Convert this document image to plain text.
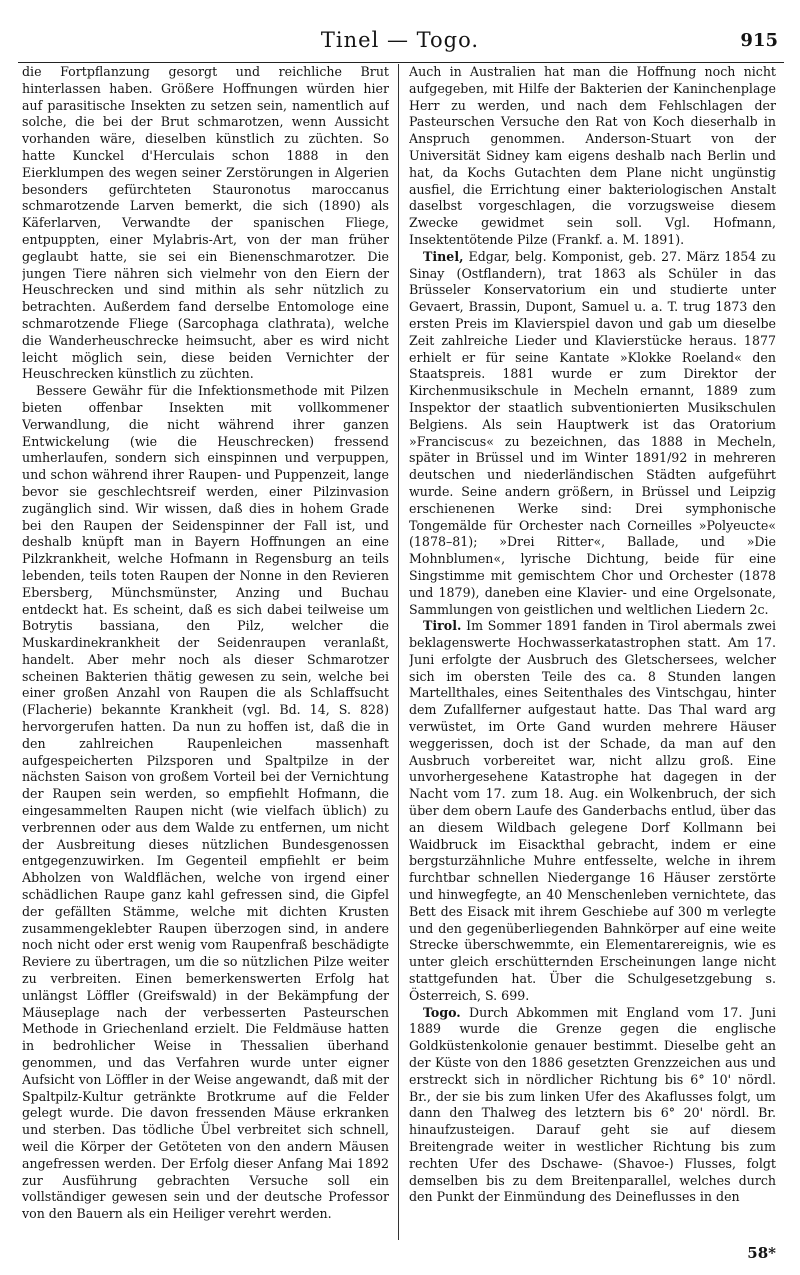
Tinel — Togo.	915

die Fortpflanzung gesorgt und reichliche Brut hinterlassen haben. Größere Hoffnungen würden hier auf parasitische Insekten zu setzen sein, namentlich auf solche, die bei der Brut schmarotzen, wenn Aussicht vorhanden wäre, dieselben künstlich zu züchten. So hatte Kunckel d'Herculais schon 1888 in den Eierklumpen des wegen seiner Zerstörungen in Algerien besonders gefürchteten Stauronotus maroccanus schmarotzende Larven bemerkt, die sich (1890) als Käferlarven, Verwandte der spanischen Fliege, entpuppten, einer Mylabris-Art, von der man früher geglaubt hatte, sie sei ein Bienenschmarotzer. Die jungen Tiere nähren sich vielmehr von den Eiern der Heuschrecken und sind mithin als sehr nützlich zu betrachten. Außerdem fand derselbe Entomologe eine schmarotzende Fliege (Sarcophaga clathrata), welche die Wanderheuschrecke heimsucht, aber es wird nicht leicht möglich sein, diese beiden Vernichter der Heuschrecken künstlich zu züchten.

Bessere Gewähr für die Infektionsmethode mit Pilzen bieten offenbar Insekten mit vollkommener Verwandlung, die nicht während ihrer ganzen Entwickelung (wie die Heuschrecken) fressend umherlaufen, sondern sich einspinnen und verpuppen, und schon während ihrer Raupen- und Puppenzeit, lange bevor sie geschlechtsreif werden, einer Pilzinvasion zugänglich sind. Wir wissen, daß dies in hohem Grade bei den Raupen der Seidenspinner der Fall ist, und deshalb knüpft man in Bayern Hoffnungen an eine Pilzkrankheit, welche Hofmann in Regensburg an teils lebenden, teils toten Raupen der Nonne in den Revieren Ebersberg, Münchsmünster, Anzing und Buchau entdeckt hat. Es scheint, daß es sich dabei teilweise um Botrytis bassiana, den Pilz, welcher die Muskardinekrankheit der Seidenraupen veranlaßt, handelt. Aber mehr noch als dieser Schmarotzer scheinen Bakterien thätig gewesen zu sein, welche bei einer großen Anzahl von Raupen die als Schlaffsucht (Flacherie) bekannte Krankheit (vgl. Bd. 14, S. 828) hervorgerufen hatten. Da nun zu hoffen ist, daß die in den zahlreichen Raupenleichen massenhaft aufgespeicherten Pilzsporen und Spaltpilze in der nächsten Saison von großem Vorteil bei der Vernichtung der Raupen sein werden, so empfiehlt Hofmann, die eingesammelten Raupen nicht (wie vielfach üblich) zu verbrennen oder aus dem Walde zu entfernen, um nicht der Ausbreitung dieses nützlichen Bundesgenossen entgegenzuwirken. Im Gegenteil empfiehlt er beim Abholzen von Waldflächen, welche von irgend einer schädlichen Raupe ganz kahl gefressen sind, die Gipfel der gefällten Stämme, welche mit dichten Krusten zusammengeklebter Raupen überzogen sind, in andere noch nicht oder erst wenig vom Raupenfraß beschädigte Reviere zu übertragen, um die so nützlichen Pilze weiter zu verbreiten. Einen bemerkenswerten Erfolg hat unlängst Löffler (Greifswald) in der Bekämpfung der Mäuseplage nach der verbesserten Pasteurschen Methode in Griechenland erzielt. Die Feldmäuse hatten in bedrohlicher Weise in Thessalien überhand genommen, und das Verfahren wurde unter eigner Aufsicht von Löffler in der Weise angewandt, daß mit der Spaltpilz-Kultur getränkte Brotkrume auf die Felder gelegt wurde. Die davon fressenden Mäuse erkranken und sterben. Das tödliche Übel verbreitet sich schnell, weil die Körper der Getöteten von den andern Mäusen angefressen werden. Der Erfolg dieser Anfang Mai 1892 zur Ausführung gebrachten Versuche soll ein vollständiger gewesen sein und der deutsche Professor von den Bauern als ein Heiliger verehrt werden.

Auch in Australien hat man die Hoffnung noch nicht aufgegeben, mit Hilfe der Bakterien der Kaninchenplage Herr zu werden, und nach dem Fehlschlagen der Pasteurschen Versuche den Rat von Koch dieserhalb in Anspruch genommen. Anderson-Stuart von der Universität Sidney kam eigens deshalb nach Berlin und hat, da Kochs Gutachten dem Plane nicht ungünstig ausfiel, die Errichtung einer bakteriologischen Anstalt daselbst vorgeschlagen, die vorzugsweise diesem Zwecke gewidmet sein soll. Vgl. Hofmann, Insektentötende Pilze (Frankf. a. M. 1891).

Tinel, Edgar, belg. Komponist, geb. 27. März 1854 zu Sinay (Ostflandern), trat 1863 als Schüler in das Brüsseler Konservatorium ein und studierte unter Gevaert, Brassin, Dupont, Samuel u. a. T. trug 1873 den ersten Preis im Klavierspiel davon und gab um dieselbe Zeit zahlreiche Lieder und Klavierstücke heraus. 1877 erhielt er für seine Kantate »Klokke Roeland« den Staatspreis. 1881 wurde er zum Direktor der Kirchenmusikschule in Mecheln ernannt, 1889 zum Inspektor der staatlich subventionierten Musikschulen Belgiens. Als sein Hauptwerk ist das Oratorium »Franciscus« zu bezeichnen, das 1888 in Mecheln, später in Brüssel und im Winter 1891/92 in mehreren deutschen und niederländischen Städten aufgeführt wurde. Seine andern größern, in Brüssel und Leipzig erschienenen Werke sind: Drei symphonische Tongemälde für Orchester nach Corneilles »Polyeucte« (1878–81); »Drei Ritter«, Ballade, und »Die Mohnblumen«, lyrische Dichtung, beide für eine Singstimme mit gemischtem Chor und Orchester (1878 und 1879), daneben eine Klavier- und eine Orgelsonate, Sammlungen von geistlichen und weltlichen Liedern 2c.

Tirol. Im Sommer 1891 fanden in Tirol abermals zwei beklagenswerte Hochwasserkatastrophen statt. Am 17. Juni erfolgte der Ausbruch des Gletschersees, welcher sich im obersten Teile des ca. 8 Stunden langen Martellthales, eines Seitenthales des Vintschgau, hinter dem Zufallferner aufgestaut hatte. Das Thal ward arg verwüstet, im Orte Gand wurden mehrere Häuser weggerissen, doch ist der Schade, da man auf den Ausbruch vorbereitet war, nicht allzu groß. Eine unvorhergesehene Katastrophe hat dagegen in der Nacht vom 17. zum 18. Aug. ein Wolkenbruch, der sich über dem obern Laufe des Ganderbachs entlud, über das an diesem Wildbach gelegene Dorf Kollmann bei Waidbruck im Eisackthal gebracht, indem er eine bergsturzähnliche Muhre entfesselte, welche in ihrem furchtbar schnellen Niedergange 16 Häuser zerstörte und hinwegfegte, an 40 Menschenleben vernichtete, das Bett des Eisack mit ihrem Geschiebe auf 300 m verlegte und den gegenüberliegenden Bahnkörper auf eine weite Strecke überschwemmte, ein Elementarereignis, wie es unter gleich erschütternden Erscheinungen lange nicht stattgefunden hat. Über die Schulgesetzgebung s. Österreich, S. 699.

Togo. Durch Abkommen mit England vom 17. Juni 1889 wurde die Grenze gegen die englische Goldküstenkolonie genauer bestimmt. Dieselbe geht an der Küste von den 1886 gesetzten Grenzzeichen aus und erstreckt sich in nördlicher Richtung bis 6° 10' nördl. Br., der sie bis zum linken Ufer des Akaflusses folgt, um dann den Thalweg des letztern bis 6° 20' nördl. Br. hinaufzusteigen. Darauf geht sie auf diesem Breitengrade weiter in westlicher Richtung bis zum rechten Ufer des Dschawe- (Shavoe-) Flusses, folgt demselben bis zu dem Breitenparallel, welches durch den Punkt der Einmündung des Deineflusses in den

58*
